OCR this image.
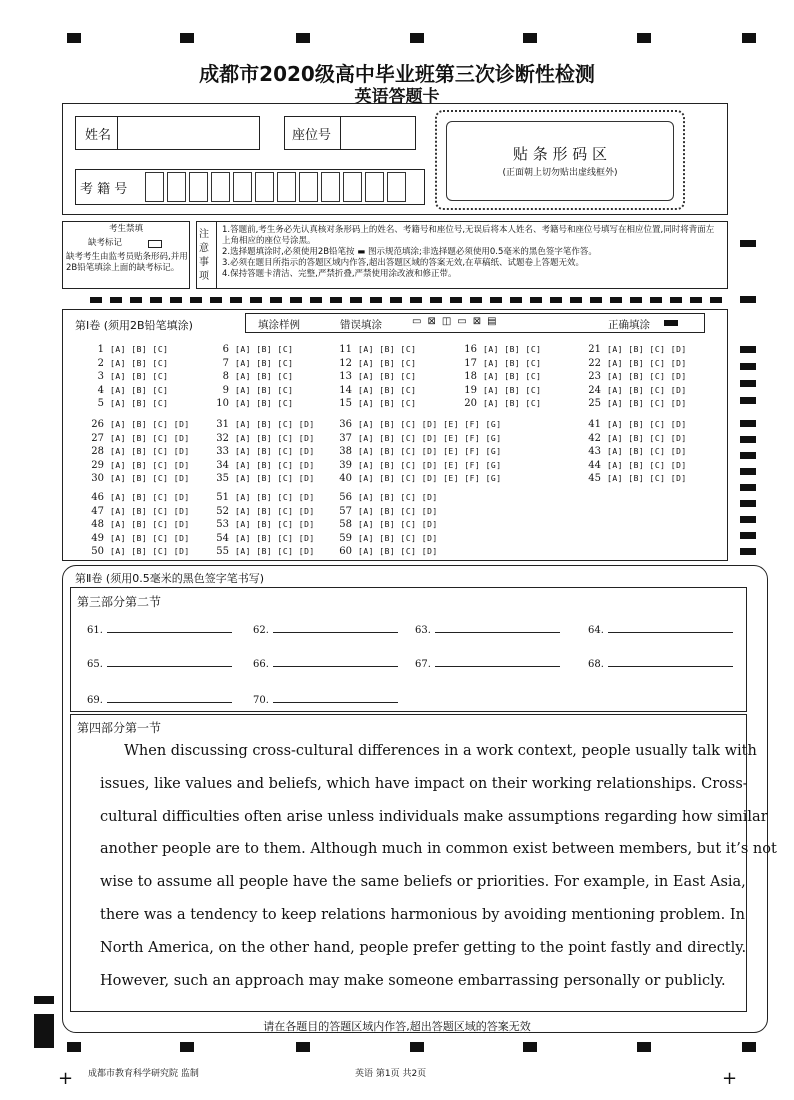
成都市2020级高中毕业班第三次诊断性检测
英语答题卡
姓名	座位号
考 籍 号
贴 条 形 码 区
(正面朝上切勿贴出虚线框外)
考生禁填
缺考标记
缺考考生由监考员贴条形码,并用2B铅笔填涂上面的缺考标记。
注意事项
1.答题前,考生务必先认真核对条形码上的姓名、考籍号和座位号,无误后将本人姓名、考籍号和座位号填写在相应位置,同时将背面左上角相应的座位号涂黑。
2.选择题填涂时,必须使用2B铅笔按 ▬ 图示规范填涂;非选择题必须使用0.5毫米的黑色签字笔作答。
3.必须在题目所指示的答题区域内作答,超出答题区域的答案无效,在草稿纸、试题卷上答题无效。
4.保持答题卡清洁、完整,严禁折叠,严禁使用涂改液和修正带。
第Ⅰ卷 (须用2B铅笔填涂)	填涂样例	错误填涂	▭⊠◫▭⊠▤	正确填涂
1 [A] [B] [C]
2 [A] [B] [C]
3 [A] [B] [C]
4 [A] [B] [C]
5 [A] [B] [C]
6 [A] [B] [C]
7 [A] [B] [C]
8 [A] [B] [C]
9 [A] [B] [C]
10 [A] [B] [C]
11 [A] [B] [C]
12 [A] [B] [C]
13 [A] [B] [C]
14 [A] [B] [C]
15 [A] [B] [C]
16 [A] [B] [C]
17 [A] [B] [C]
18 [A] [B] [C]
19 [A] [B] [C]
20 [A] [B] [C]
21 [A] [B] [C] [D]
22 [A] [B] [C] [D]
23 [A] [B] [C] [D]
24 [A] [B] [C] [D]
25 [A] [B] [C] [D]
26 [A] [B] [C] [D]
27 [A] [B] [C] [D]
28 [A] [B] [C] [D]
29 [A] [B] [C] [D]
30 [A] [B] [C] [D]
31 [A] [B] [C] [D]
32 [A] [B] [C] [D]
33 [A] [B] [C] [D]
34 [A] [B] [C] [D]
35 [A] [B] [C] [D]
36 [A] [B] [C] [D] [E] [F] [G]
37 [A] [B] [C] [D] [E] [F] [G]
38 [A] [B] [C] [D] [E] [F] [G]
39 [A] [B] [C] [D] [E] [F] [G]
40 [A] [B] [C] [D] [E] [F] [G]
41 [A] [B] [C] [D]
42 [A] [B] [C] [D]
43 [A] [B] [C] [D]
44 [A] [B] [C] [D]
45 [A] [B] [C] [D]
46 [A] [B] [C] [D]
47 [A] [B] [C] [D]
48 [A] [B] [C] [D]
49 [A] [B] [C] [D]
50 [A] [B] [C] [D]
51 [A] [B] [C] [D]
52 [A] [B] [C] [D]
53 [A] [B] [C] [D]
54 [A] [B] [C] [D]
55 [A] [B] [C] [D]
56 [A] [B] [C] [D]
57 [A] [B] [C] [D]
58 [A] [B] [C] [D]
59 [A] [B] [C] [D]
60 [A] [B] [C] [D]
第Ⅱ卷 (须用0.5毫米的黑色签字笔书写)
第三部分第二节
61.	62.	63.	64.
65.	66.	67.	68.
69.	70.
第四部分第一节
When discussing cross-cultural differences in a work context, people usually talk with
issues, like values and beliefs, which have impact on their working relationships. Cross-
cultural difficulties often arise unless individuals make assumptions regarding how similar
another people are to them. Although much in common exist between members, but it’s not
wise to assume all people have the same beliefs or priorities. For example, in East Asia,
there was a tendency to keep relations harmonious by avoiding mentioning problem. In
North America, on the other hand, people prefer getting to the point fastly and directly.
However, such an approach may make someone embarrassing personally or publicly.
请在各题目的答题区域内作答,超出答题区域的答案无效
成都市教育科学研究院 监制	英语 第1页 共2页
+	+
